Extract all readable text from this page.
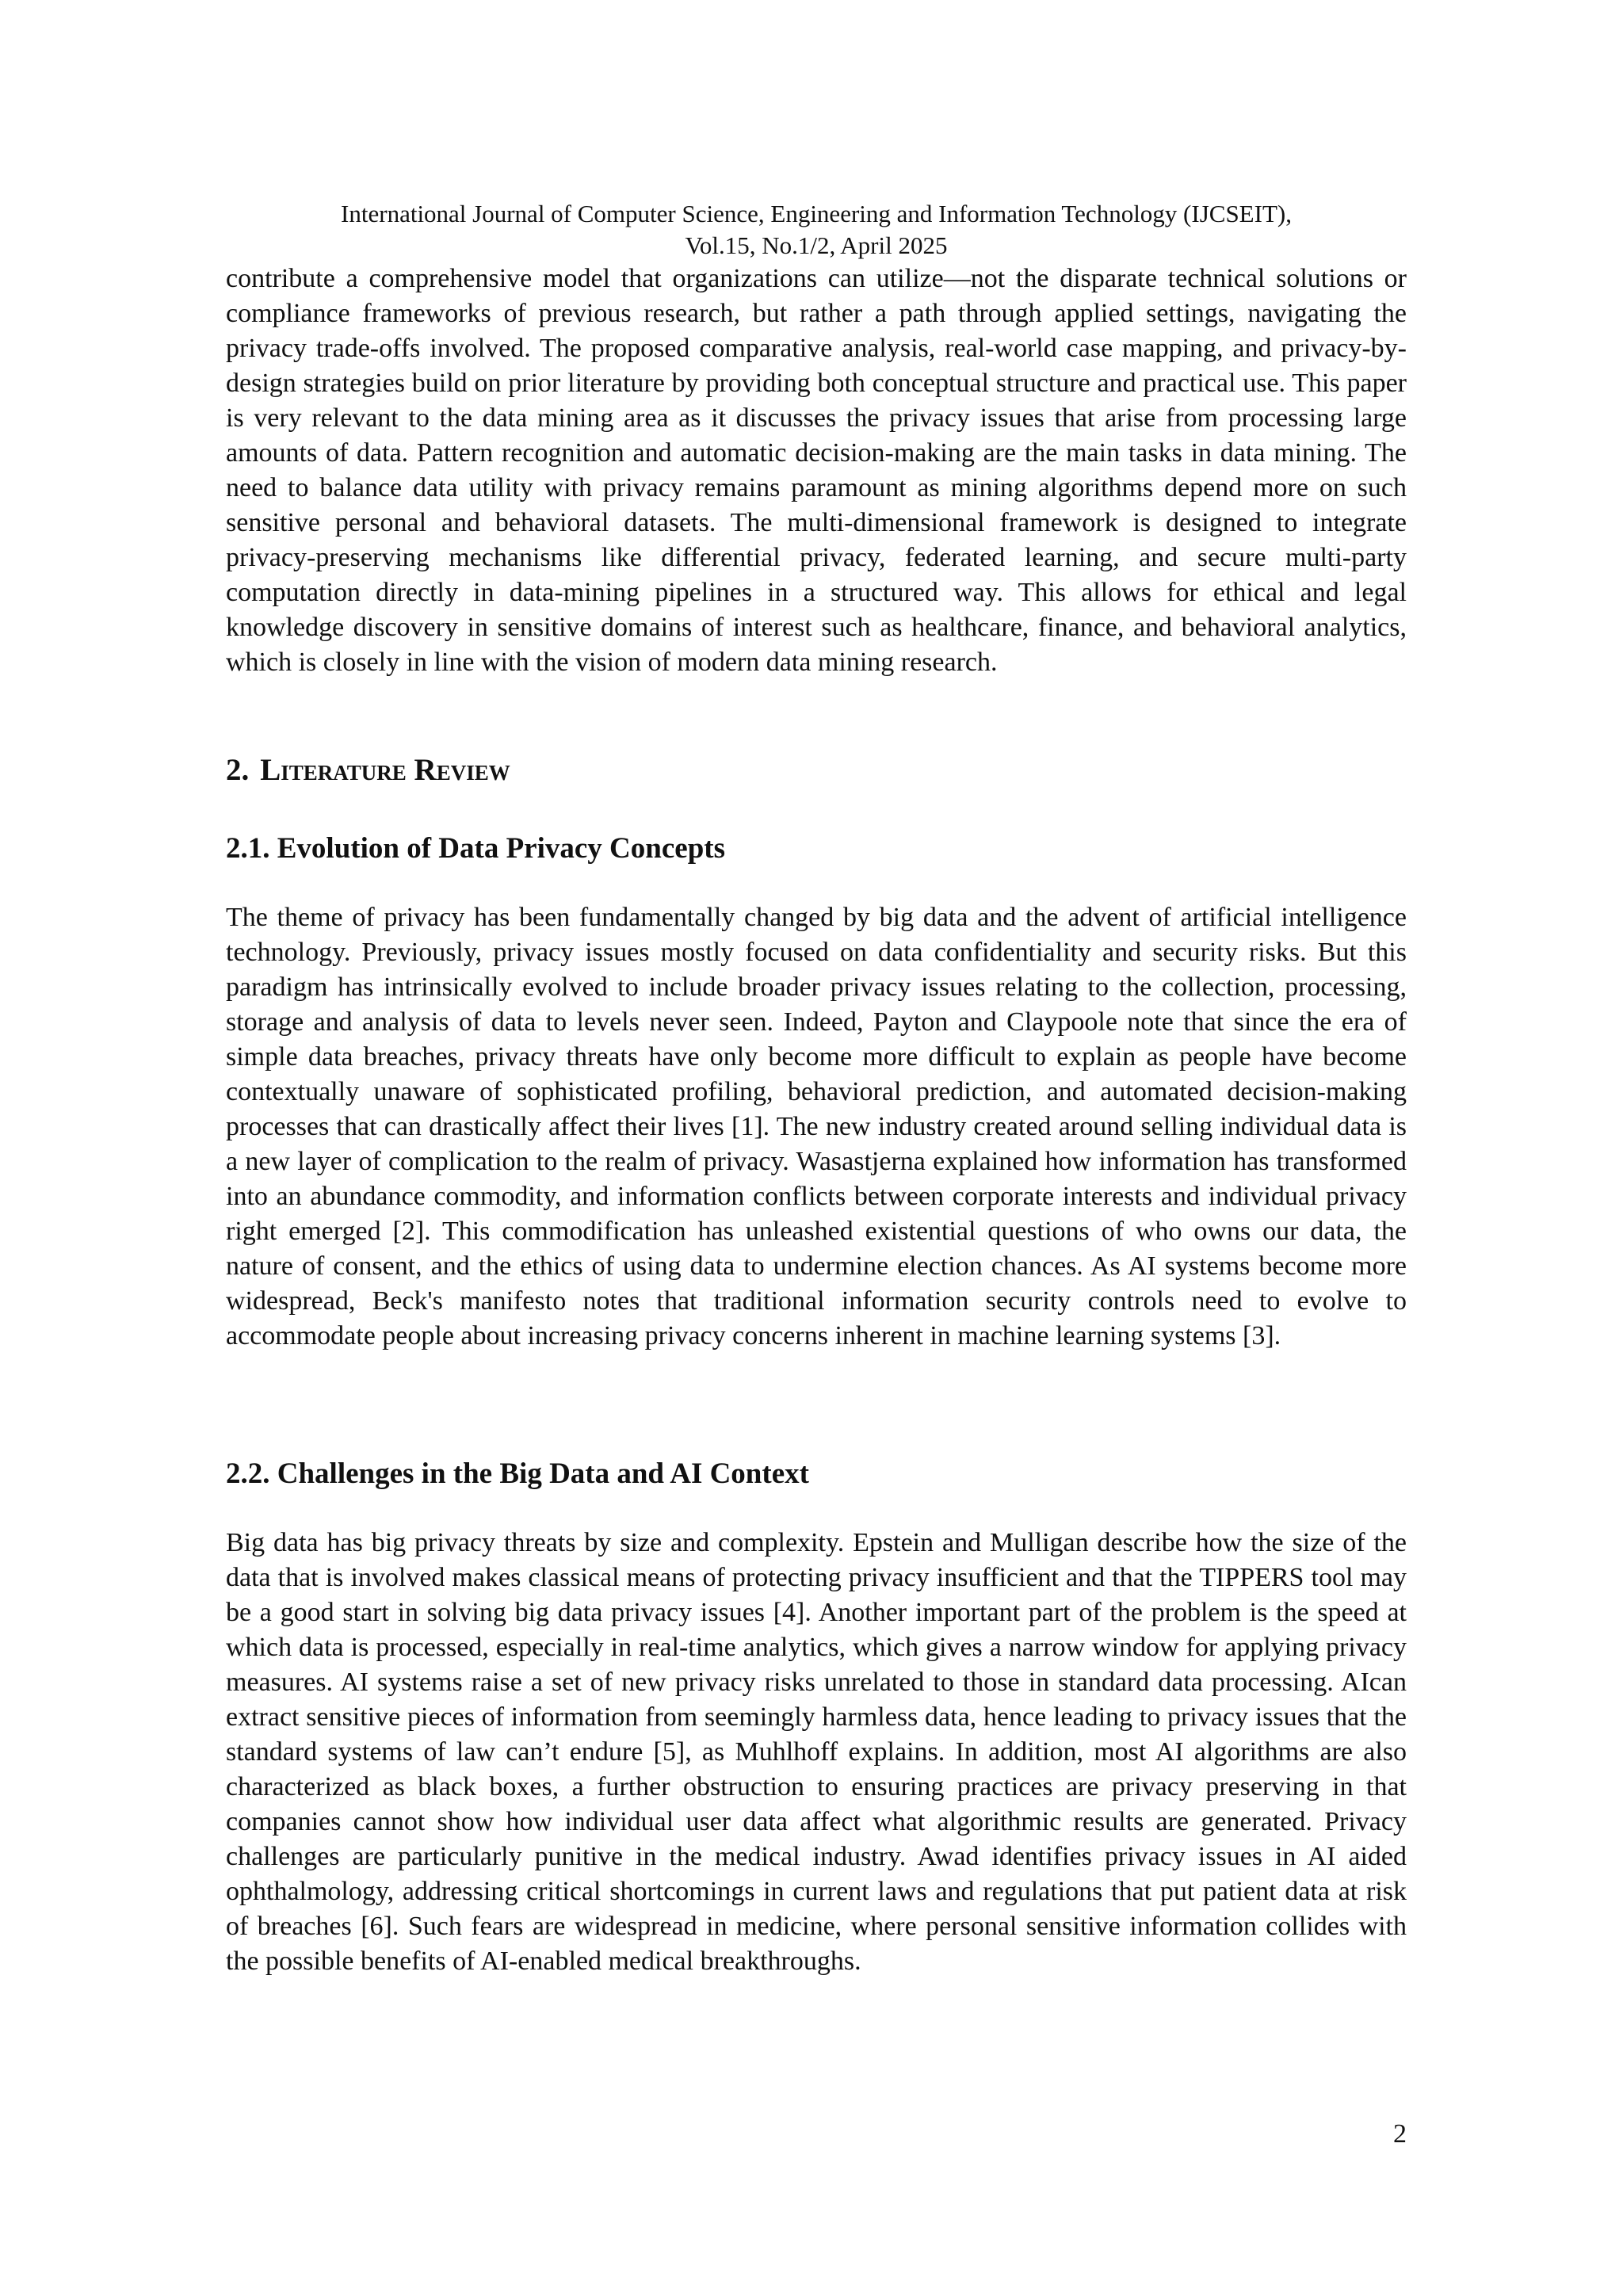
International Journal of Computer Science, Engineering and Information Technology (IJCSEIT),
Vol.15, No.1/2, April 2025

contribute a comprehensive model that organizations can utilize—not the disparate technical solutions or compliance frameworks of previous research, but rather a path through applied settings, navigating the privacy trade-offs involved. The proposed comparative analysis, real-world case mapping, and privacy-by-design strategies build on prior literature by providing both conceptual structure and practical use. This paper is very relevant to the data mining area as it discusses the privacy issues that arise from processing large amounts of data. Pattern recognition and automatic decision-making are the main tasks in data mining. The need to balance data utility with privacy remains paramount as mining algorithms depend more on such sensitive personal and behavioral datasets. The multi-dimensional framework is designed to integrate privacy-preserving mechanisms like differential privacy, federated learning, and secure multi-party computation directly in data-mining pipelines in a structured way. This allows for ethical and legal knowledge discovery in sensitive domains of interest such as healthcare, finance, and behavioral analytics, which is closely in line with the vision of modern data mining research.

2. Literature Review
2.1. Evolution of Data Privacy Concepts

The theme of privacy has been fundamentally changed by big data and the advent of artificial intelligence technology. Previously, privacy issues mostly focused on data confidentiality and security risks. But this paradigm has intrinsically evolved to include broader privacy issues relating to the collection, processing, storage and analysis of data to levels never seen. Indeed, Payton and Claypoole note that since the era of simple data breaches, privacy threats have only become more difficult to explain as people have become contextually unaware of sophisticated profiling, behavioral prediction, and automated decision-making processes that can drastically affect their lives [1]. The new industry created around selling individual data is a new layer of complication to the realm of privacy. Wasastjerna explained how information has transformed into an abundance commodity, and information conflicts between corporate interests and individual privacy right emerged [2]. This commodification has unleashed existential questions of who owns our data, the nature of consent, and the ethics of using data to undermine election chances. As AI systems become more widespread, Beck's manifesto notes that traditional information security controls need to evolve to accommodate people about increasing privacy concerns inherent in machine learning systems [3].

2.2. Challenges in the Big Data and AI Context

Big data has big privacy threats by size and complexity. Epstein and Mulligan describe how the size of the data that is involved makes classical means of protecting privacy insufficient and that the TIPPERS tool may be a good start in solving big data privacy issues [4]. Another important part of the problem is the speed at which data is processed, especially in real-time analytics, which gives a narrow window for applying privacy measures. AI systems raise a set of new privacy risks unrelated to those in standard data processing. AIcan extract sensitive pieces of information from seemingly harmless data, hence leading to privacy issues that the standard systems of law can’t endure [5], as Muhlhoff explains. In addition, most AI algorithms are also characterized as black boxes, a further obstruction to ensuring practices are privacy preserving in that companies cannot show how individual user data affect what algorithmic results are generated. Privacy challenges are particularly punitive in the medical industry. Awad identifies privacy issues in AI aided ophthalmology, addressing critical shortcomings in current laws and regulations that put patient data at risk of breaches [6]. Such fears are widespread in medicine, where personal sensitive information collides with the possible benefits of AI-enabled medical breakthroughs.

2
